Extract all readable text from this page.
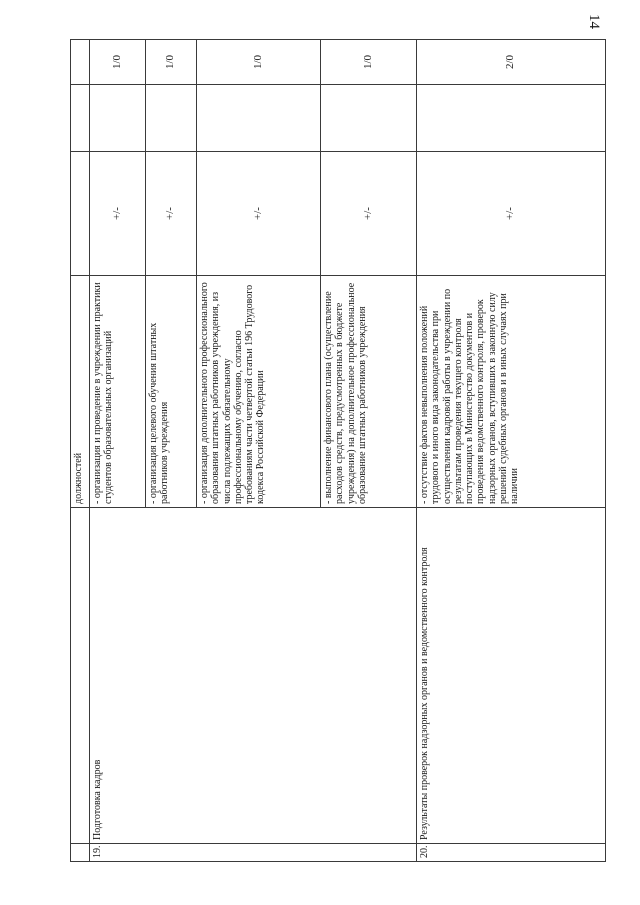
14
		должностей			
19.	Подготовка кадров	- организация и проведение в учреждении практики студентов образовательных организаций	+/-		1/0
		- организация целевого обучения штатных работников учреждения	+/-		1/0
		- организация дополнительного профессионального образования штатных работников учреждения, из числа подлежащих обязательному профессиональному обучению, согласно требованиям части четвертой статьи 196 Трудового кодекса Российской Федерации	+/-		1/0
		- выполнение финансового плана (осуществление расходов средств, предусмотренных в бюджете учреждения) на дополнительное профессиональное образование штатных работников учреждения	+/-		1/0
20.	Результаты проверок надзорных органов и ведомственного контроля	- отсутствие фактов невыполнения положений трудового и иного вида законодательства при осуществлении кадровой работы в учреждении по результатам проведения текущего контроля поступающих в Министерство документов и проведения ведомственного контроля, проверок надзорных органов, вступивших в законную силу решений судебных органов и в иных случаях при наличии	+/-		2/0
